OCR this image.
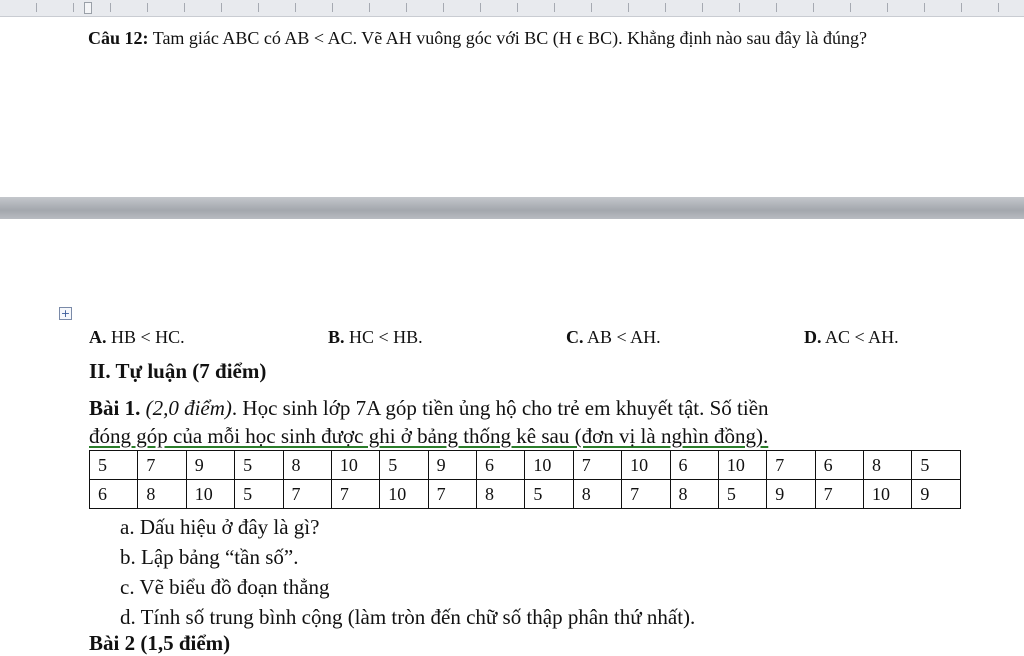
Câu 12: Tam giác ABC có AB < AC. Vẽ AH vuông góc với BC (H ϵ BC). Khẳng định nào sau đây là đúng?
+
A. HB < HC.	B. HC < HB.	C. AB < AH.	D. AC < AH.
II. Tự luận (7 điểm)
Bài 1. (2,0 điểm). Học sinh lớp 7A góp tiền ủng hộ cho trẻ em khuyết tật. Số tiền
đóng góp của mỗi học sinh được ghi ở bảng thống kê sau (đơn vị là nghìn đồng).
5	7	9	5	8	10	5	9	6	10	7	10	6	10	7	6	8	5
6	8	10	5	7	7	10	7	8	5	8	7	8	5	9	7	10	9
a. Dấu hiệu ở đây là gì?
b. Lập bảng “tần số”.
c. Vẽ biểu đồ đoạn thẳng
d. Tính số trung bình cộng (làm tròn đến chữ số thập phân thứ nhất).
Bài 2 (1,5 điểm)
